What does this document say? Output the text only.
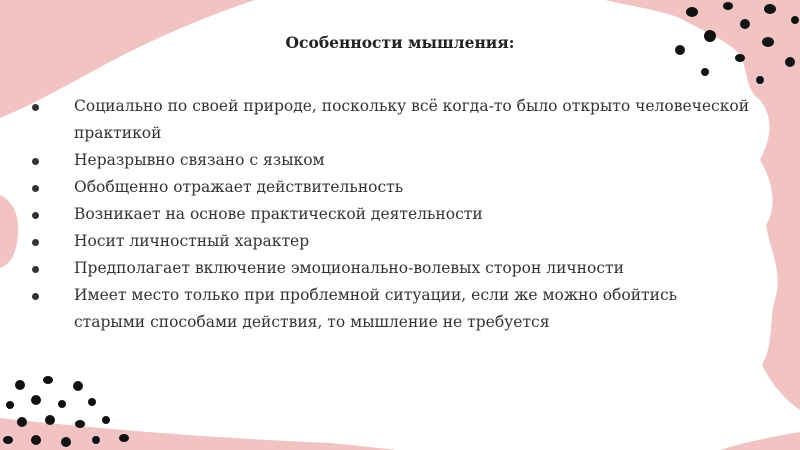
Особенности мышления:
Социально по своей природе, поскольку всё когда-то было открыто человеческой практикой
Неразрывно связано с языком
Обобщенно отражает действительность
Возникает на основе практической деятельности
Носит личностный характер
Предполагает включение эмоционально-волевых сторон личности
Имеет место только при проблемной ситуации, если же можно обойтись старыми способами действия, то мышление не требуется
